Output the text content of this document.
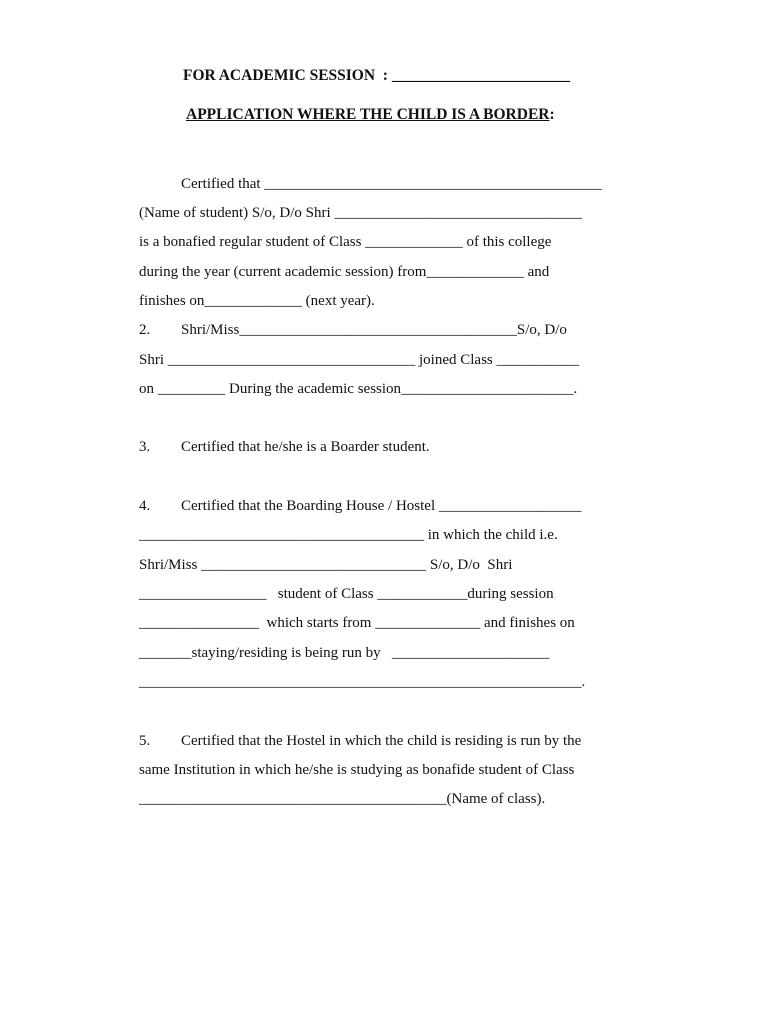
FOR ACADEMIC SESSION  : _______________________
APPLICATION WHERE THE CHILD IS A BORDER:
Certified that _____________________________________________
(Name of student) S/o, D/o Shri _________________________________
is a bonafied regular student of Class _____________ of this college
during the year (current academic session) from_____________ and
finishes on_____________ (next year).
2. Shri/Miss_____________________________________S/o, D/o
Shri _________________________________ joined Class ___________
on _________ During the academic session_______________________.
3. Certified that he/she is a Boarder student.
4. Certified that the Boarding House / Hostel ___________________
______________________________________ in which the child i.e.
Shri/Miss ______________________________ S/o, D/o  Shri
_________________   student of Class ____________during session
________________  which starts from ______________ and finishes on
_______staying/residing is being run by   _____________________
___________________________________________________________.
5. Certified that the Hostel in which the child is residing is run by the
same Institution in which he/she is studying as bonafide student of Class
_________________________________________(Name of class).
